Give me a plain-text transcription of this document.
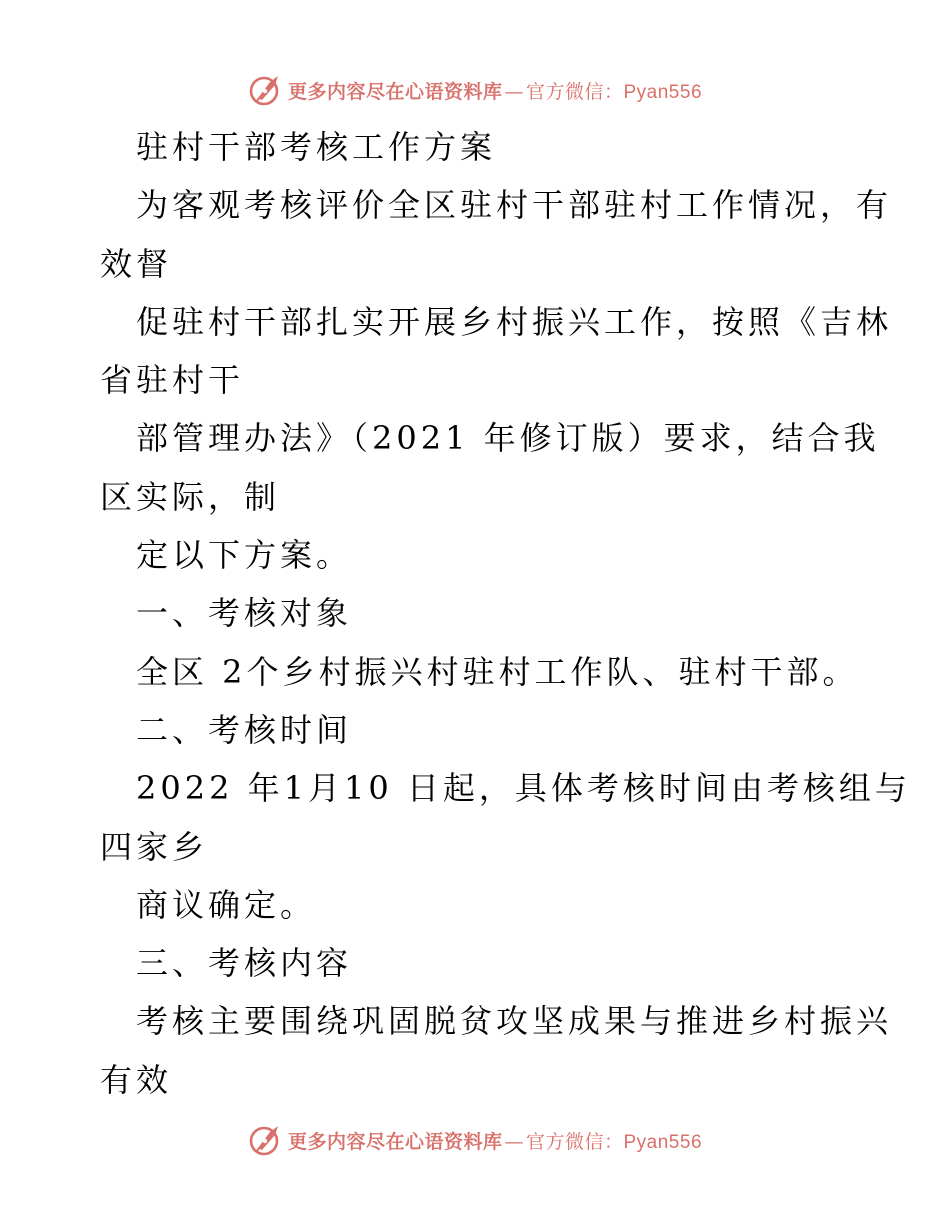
更多内容尽在心语资料库 — 官方微信：Pyan556
驻村干部考核工作方案
为客观考核评价全区驻村干部驻村工作情况，有
效督
促驻村干部扎实开展乡村振兴工作，按照《吉林
省驻村干
部管理办法》（2021 年修订版）要求，结合我
区实际，制
定以下方案。
一、考核对象
全区 2个乡村振兴村驻村工作队、驻村干部。
二、考核时间
2022 年1月10 日起，具体考核时间由考核组与
四家乡
商议确定。
三、考核内容
考核主要围绕巩固脱贫攻坚成果与推进乡村振兴
有效
更多内容尽在心语资料库 — 官方微信：Pyan556
